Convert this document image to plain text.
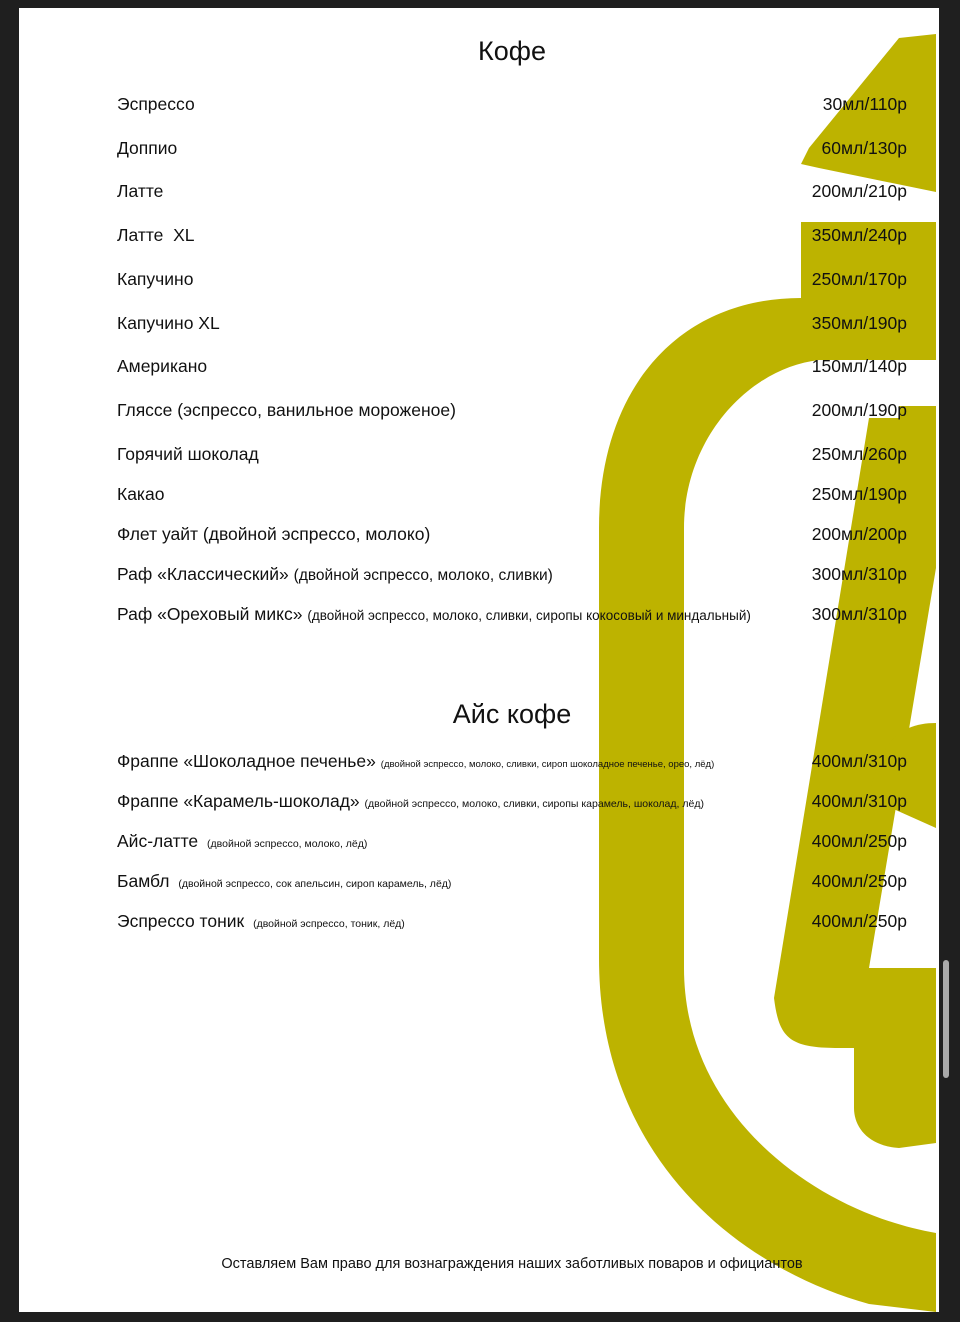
Кофе
Эспрессо	30мл/110р
Доппио	60мл/130р
Латте	200мл/210р
Латте  XL	350мл/240р
Капучино	250мл/170р
Капучино XL	350мл/190р
Американо	150мл/140р
Гляссе (эспрессо, ванильное мороженое)	200мл/190р
Горячий шоколад	250мл/260р
Какао	250мл/190р
Флет уайт (двойной эспрессо, молоко)	200мл/200р
Раф «Классический» (двойной эспрессо, молоко, сливки)	300мл/310р
Раф «Ореховый микс» (двойной эспрессо, молоко, сливки, сиропы кокосовый и миндальный)	300мл/310р
Айс кофе
Фраппе «Шоколадное печенье» (двойной эспрессо, молоко, сливки, сироп шоколадное печенье, орео, лёд)	400мл/310р
Фраппе «Карамель-шоколад» (двойной эспрессо, молоко, сливки, сиропы карамель, шоколад, лёд)	400мл/310р
Айс-латте (двойной эспрессо, молоко, лёд)	400мл/250р
Бамбл (двойной эспрессо, сок апельсин, сироп карамель, лёд)	400мл/250р
Эспрессо тоник (двойной эспрессо, тоник, лёд)	400мл/250р
Оставляем Вам право для вознаграждения наших заботливых поваров и официантов
